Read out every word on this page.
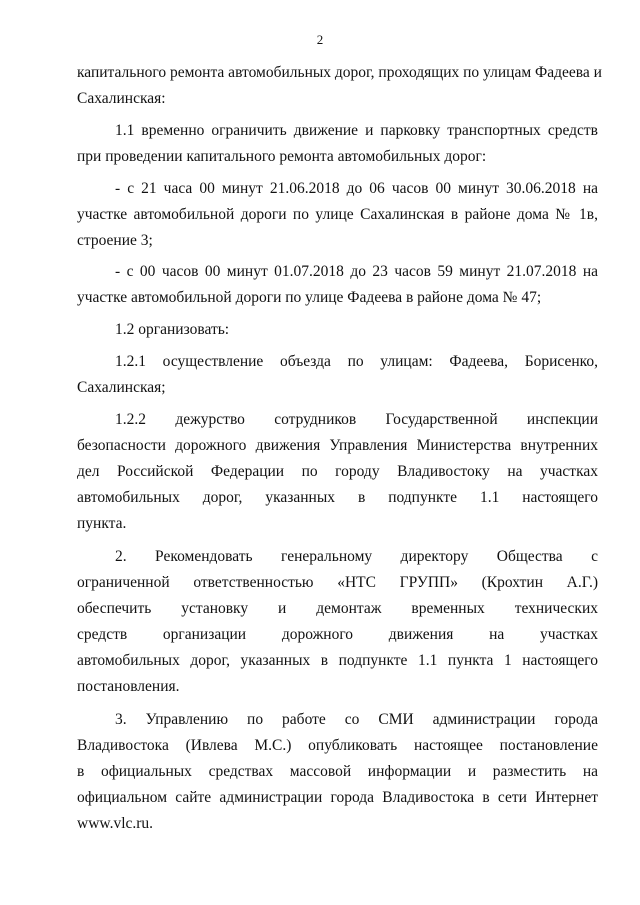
2
капитального ремонта автомобильных дорог, проходящих по улицам Фадеева и
Сахалинская:
1.1 временно ограничить движение и парковку транспортных средств
при проведении капитального ремонта автомобильных дорог:
- с 21 часа 00 минут 21.06.2018 до 06 часов 00 минут 30.06.2018 на
участке автомобильной дороги по улице Сахалинская в районе дома № 1в,
строение 3;
- с 00 часов 00 минут 01.07.2018 до 23 часов 59 минут 21.07.2018 на
участке автомобильной дороги по улице Фадеева в районе дома № 47;
1.2 организовать:
1.2.1 осуществление объезда по улицам: Фадеева, Борисенко,
Сахалинская;
1.2.2 дежурство сотрудников Государственной инспекции
безопасности дорожного движения Управления Министерства внутренних
дел Российской Федерации по городу Владивостоку на участках
автомобильных дорог, указанных в подпункте 1.1 настоящего
пункта.
2. Рекомендовать генеральному директору Общества с
ограниченной ответственностью «НТС ГРУПП» (Крохтин А.Г.)
обеспечить установку и демонтаж временных технических
средств организации дорожного движения на участках
автомобильных дорог, указанных в подпункте 1.1 пункта 1 настоящего
постановления.
3. Управлению по работе со СМИ администрации города
Владивостока (Ивлева М.С.) опубликовать настоящее постановление
в официальных средствах массовой информации и разместить на
официальном сайте администрации города Владивостока в сети Интернет
www.vlc.ru.
